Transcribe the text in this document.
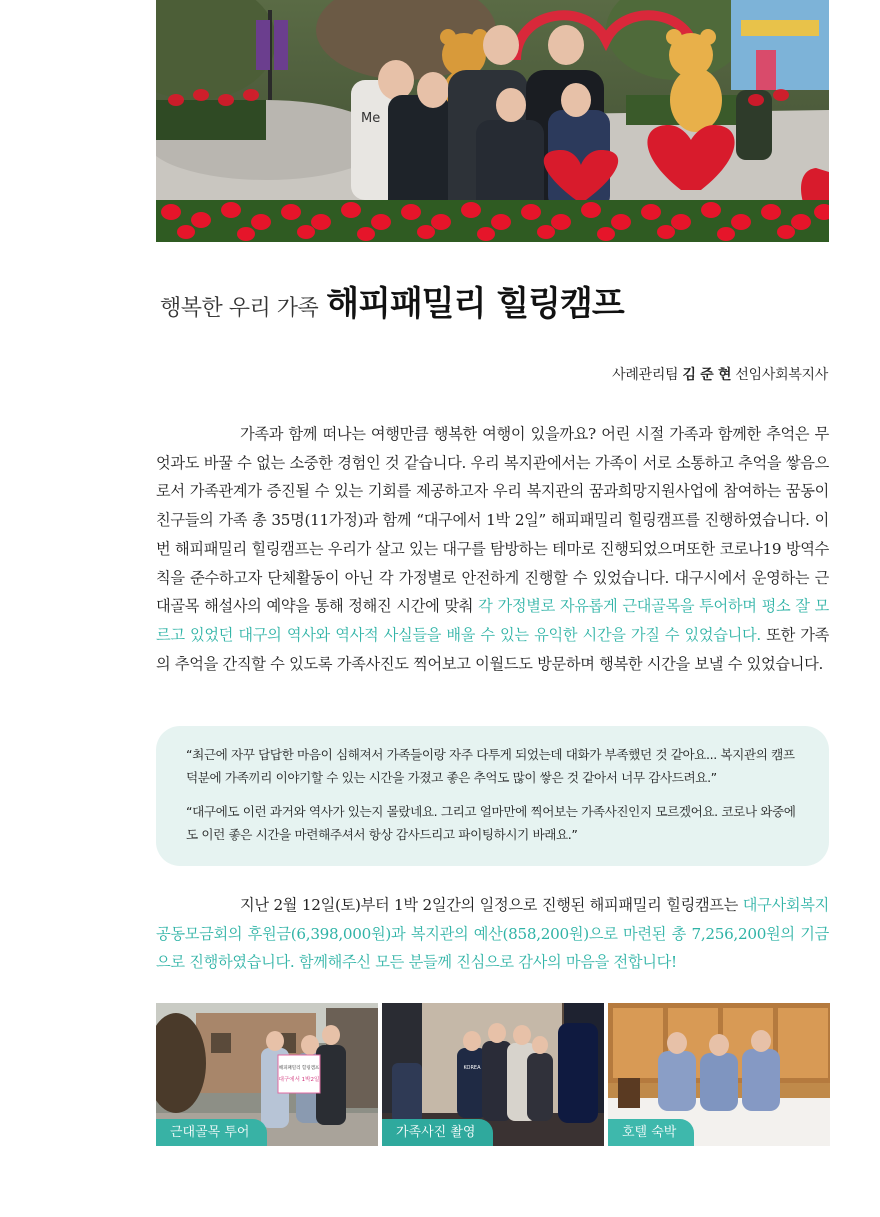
Me
행복한 우리 가족 해피패밀리 힐링캠프
사례관리팀 김 준 현 선임사회복지사

가족과 함께 떠나는 여행만큼 행복한 여행이 있을까요? 어린 시절 가족과 함께한 추억은 무엇과도 바꿀 수 없는 소중한 경험인 것 같습니다. 우리 복지관에서는 가족이 서로 소통하고 추억을 쌓음으로서 가족관계가 증진될 수 있는 기회를 제공하고자 우리 복지관의 꿈과희망지원사업에 참여하는 꿈동이 친구들의 가족 총 35명(11가정)과 함께 “대구에서 1박 2일” 해피패밀리 힐링캠프를 진행하였습니다. 이번 해피패밀리 힐링캠프는 우리가 살고 있는 대구를 탐방하는 테마로 진행되었으며또한 코로나19 방역수칙을 준수하고자 단체활동이 아닌 각 가정별로 안전하게 진행할 수 있었습니다. 대구시에서 운영하는 근대골목 해설사의 예약을 통해 정해진 시간에 맞춰 각 가정별로 자유롭게 근대골목을 투어하며 평소 잘 모르고 있었던 대구의 역사와 역사적 사실들을 배울 수 있는 유익한 시간을 가질 수 있었습니다. 또한 가족의 추억을 간직할 수 있도록 가족사진도 찍어보고 이월드도 방문하며 행복한 시간을 보낼 수 있었습니다.

“최근에 자꾸 답답한 마음이 심해져서 가족들이랑 자주 다투게 되었는데 대화가 부족했던 것 같아요... 복지관의 캠프 덕분에 가족끼리 이야기할 수 있는 시간을 가졌고 좋은 추억도 많이 쌓은 것 같아서 너무 감사드려요.”

“대구에도 이런 과거와 역사가 있는지 몰랐네요. 그리고 얼마만에 찍어보는 가족사진인지 모르겠어요. 코로나 와중에도 이런 좋은 시간을 마련해주셔서 항상 감사드리고 파이팅하시기 바래요.”

지난 2월 12일(토)부터 1박 2일간의 일정으로 진행된 해피패밀리 힐링캠프는 대구사회복지공동모금회의 후원금(6,398,000원)과 복지관의 예산(858,200원)으로 마련된 총 7,256,200원의 기금으로 진행하였습니다. 함께해주신 모든 분들께 진심으로 감사의 마음을 전합니다!

해피패밀리 힐링캠프
대구에서 1박2일
근대골목 투어
KOREA
가족사진 촬영	호텔 숙박
